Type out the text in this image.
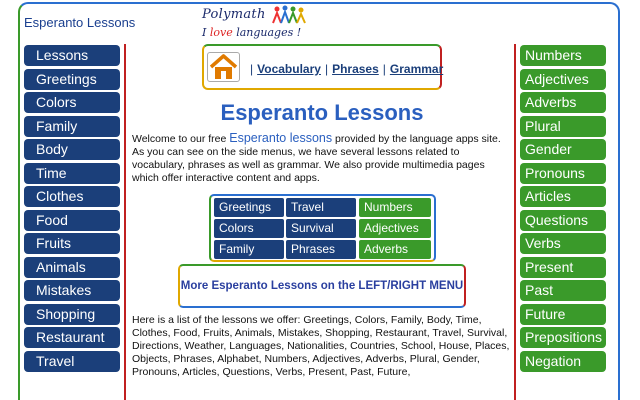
Esperanto Lessons
Polymath
I love languages !
Lessons
Greetings
Colors
Family
Body
Time
Clothes
Food
Fruits
Animals
Mistakes
Shopping
Restaurant
Travel
| Vocabulary | Phrases | Grammar
Esperanto Lessons

Welcome to our free Esperanto lessons provided by the language apps site. As you can see on the side menus, we have several lessons related to vocabulary, phrases as well as grammar. We also provide multimedia pages which offer interactive content and apps.

Greetings
Colors
Family
Travel
Survival
Phrases
Numbers
Adjectives
Adverbs
More Esperanto Lessons on the LEFT/RIGHT MENU

Here is a list of the lessons we offer: Greetings, Colors, Family, Body, Time, Clothes, Food, Fruits, Animals, Mistakes, Shopping, Restaurant, Travel, Survival, Directions, Weather, Languages, Nationalities, Countries, School, House, Places, Objects, Phrases, Alphabet, Numbers, Adjectives, Adverbs, Plural, Gender, Pronouns, Articles, Questions, Verbs, Present, Past, Future,

Numbers
Adjectives
Adverbs
Plural
Gender
Pronouns
Articles
Questions
Verbs
Present
Past
Future
Prepositions
Negation
